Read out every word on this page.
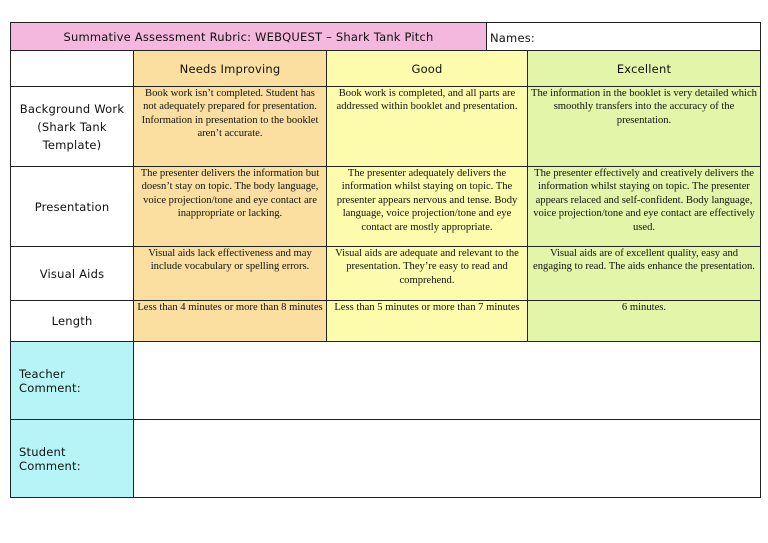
Summative Assessment Rubric: WEBQUEST – Shark Tank Pitch			Names:	
	Needs Improving	Good		Excellent

Background Work
(Shark Tank
Template)	Book work isn’t completed. Student has not adequately prepared for presentation. Information in presentation to the booklet aren’t accurate.	Book work is completed, and all parts are addressed within booklet and presentation.		The information in the booklet is very detailed which smoothly transfers into the accuracy of the presentation.

Presentation	The presenter delivers the information but doesn’t stay on topic. The body language, voice projection/tone and eye contact are inappropriate or lacking.	The presenter adequately delivers the information whilst staying on topic. The presenter appears nervous and tense. Body language, voice projection/tone and eye contact are mostly appropriate.		The presenter effectively and creatively delivers the information whilst staying on topic. The presenter appears relaced and self-confident. Body language, voice projection/tone and eye contact are effectively used.

Visual Aids	Visual aids lack effectiveness and may include vocabulary or spelling errors.	Visual aids are adequate and relevant to the presentation. They’re easy to read and comprehend.		Visual aids are of excellent quality, easy and engaging to read. The aids enhance the presentation.

Length	Less than 4 minutes or more than 8 minutes	Less than 5 minutes or more than 7 minutes		6 minutes.
Teacher Comment:				
Student Comment:				
